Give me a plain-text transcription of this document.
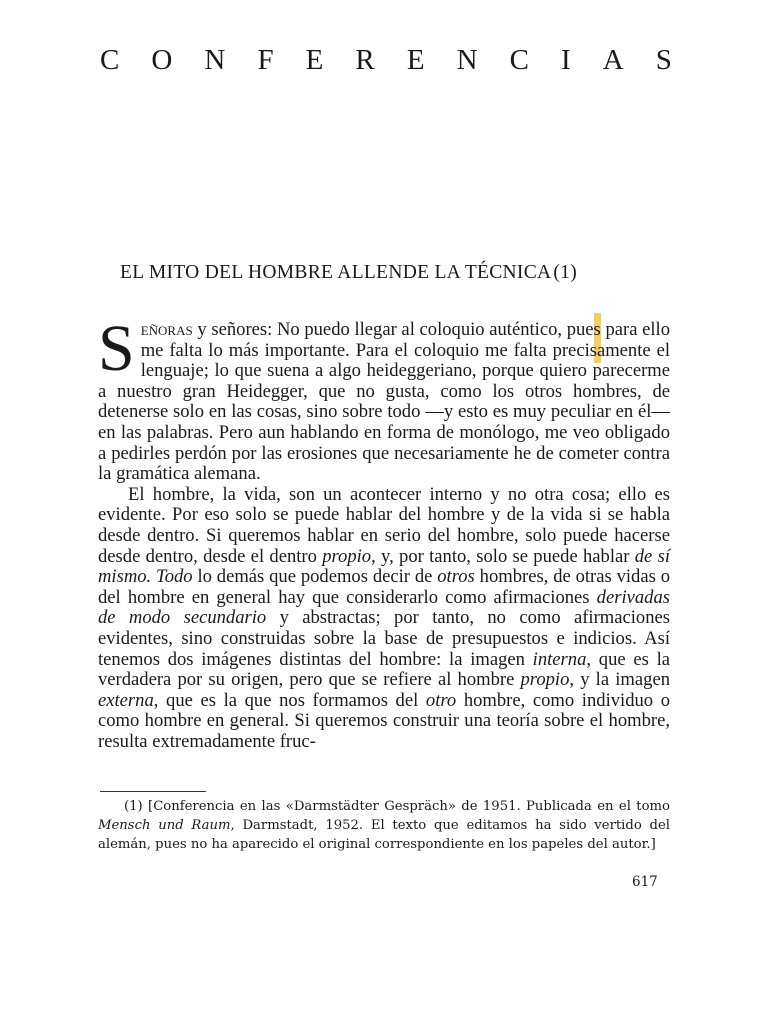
C O N F E R E N C I A S
EL MITO DEL HOMBRE ALLENDE LA TÉCNICA (1)

Señoras y señores: No puedo llegar al coloquio auténtico, pues para ello me falta lo más importante. Para el coloquio me falta precisamente el lenguaje; lo que suena a algo heideggeriano, porque quiero parecerme a nuestro gran Heidegger, que no gusta, como los otros hombres, de detenerse solo en las cosas, sino sobre todo —y esto es muy peculiar en él— en las palabras. Pero aun hablando en forma de monólogo, me veo obligado a pedirles perdón por las erosiones que necesariamente he de cometer contra la gramática alemana.

El hombre, la vida, son un acontecer interno y no otra cosa; ello es evidente. Por eso solo se puede hablar del hombre y de la vida si se habla desde dentro. Si queremos hablar en serio del hombre, solo puede hacerse desde dentro, desde el dentro propio, y, por tanto, solo se puede hablar de sí mismo. Todo lo demás que podemos decir de otros hombres, de otras vidas o del hombre en general hay que considerarlo como afirmaciones derivadas de modo secundario y abstractas; por tanto, no como afirmaciones evidentes, sino construidas sobre la base de presupuestos e indicios. Así tenemos dos imágenes distintas del hombre: la imagen interna, que es la verdadera por su origen, pero que se refiere al hombre propio, y la imagen externa, que es la que nos formamos del otro hombre, como individuo o como hombre en general. Si queremos construir una teoría sobre el hombre, resulta extremadamente fruc-

(1) [Conferencia en las «Darmstädter Gespräch» de 1951. Publicada en el tomo Mensch und Raum, Darmstadt, 1952. El texto que editamos ha sido vertido del alemán, pues no ha aparecido el original correspondiente en los papeles del autor.]

617
